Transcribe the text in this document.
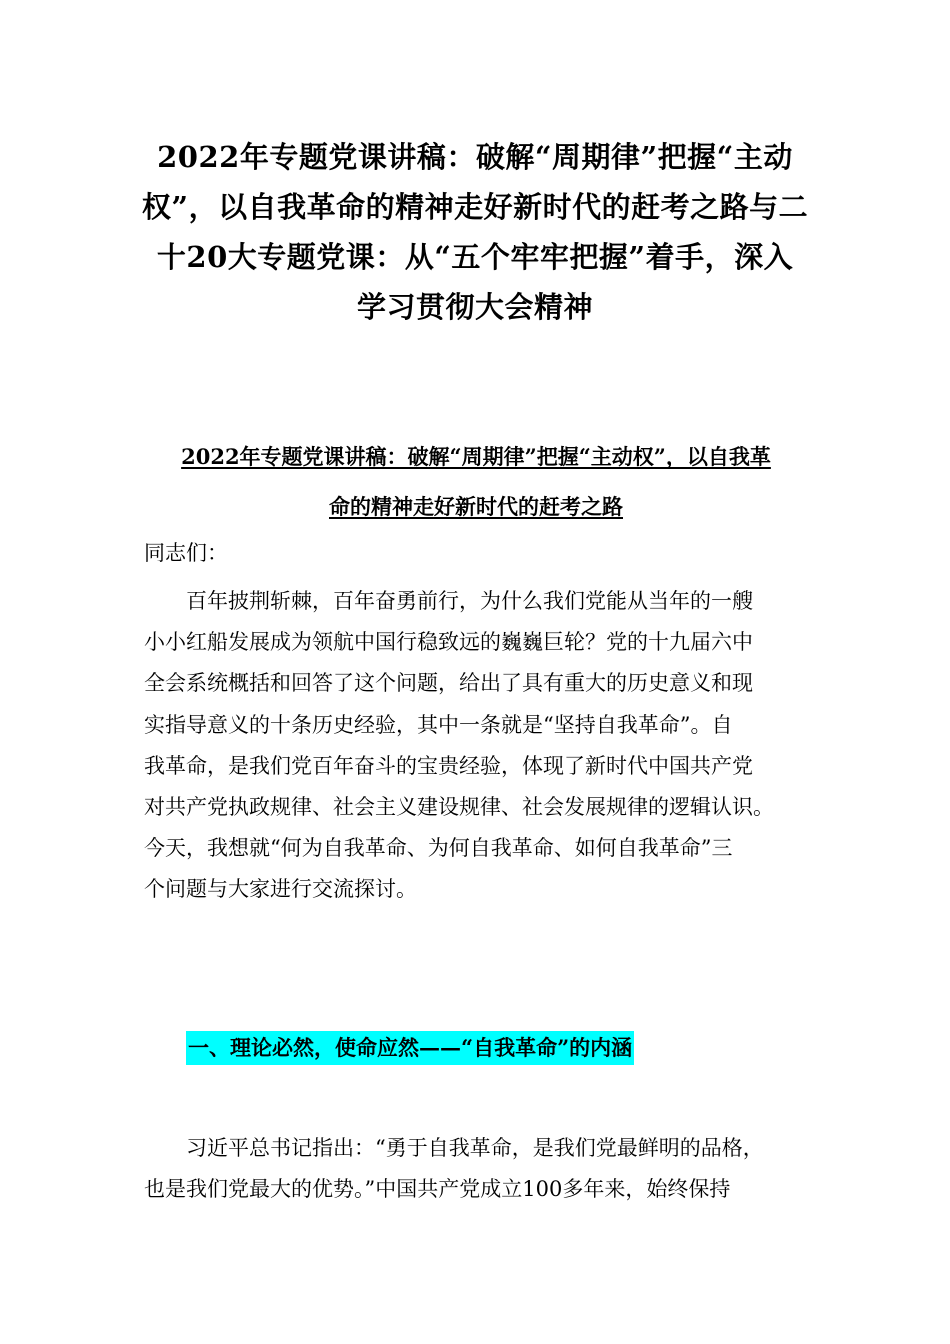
2022年专题党课讲稿：破解“周期律”把握“主动
权”，以自我革命的精神走好新时代的赶考之路与二
十20大专题党课：从“五个牢牢把握”着手，深入
学习贯彻大会精神
2022年专题党课讲稿：破解“周期律”把握“主动权”，以自我革
命的精神走好新时代的赶考之路

同志们：

　　百年披荆斩棘，百年奋勇前行，为什么我们党能从当年的一艘
小小红船发展成为领航中国行稳致远的巍巍巨轮？党的十九届六中
全会系统概括和回答了这个问题，给出了具有重大的历史意义和现
实指导意义的十条历史经验，其中一条就是“坚持自我革命”。自
我革命，是我们党百年奋斗的宝贵经验，体现了新时代中国共产党
对共产党执政规律、社会主义建设规律、社会发展规律的逻辑认识。
今天，我想就“何为自我革命、为何自我革命、如何自我革命”三
个问题与大家进行交流探讨。

一、理论必然，使命应然——“自我革命”的内涵

　　习近平总书记指出：“勇于自我革命，是我们党最鲜明的品格，
也是我们党最大的优势。”中国共产党成立100多年来，始终保持
